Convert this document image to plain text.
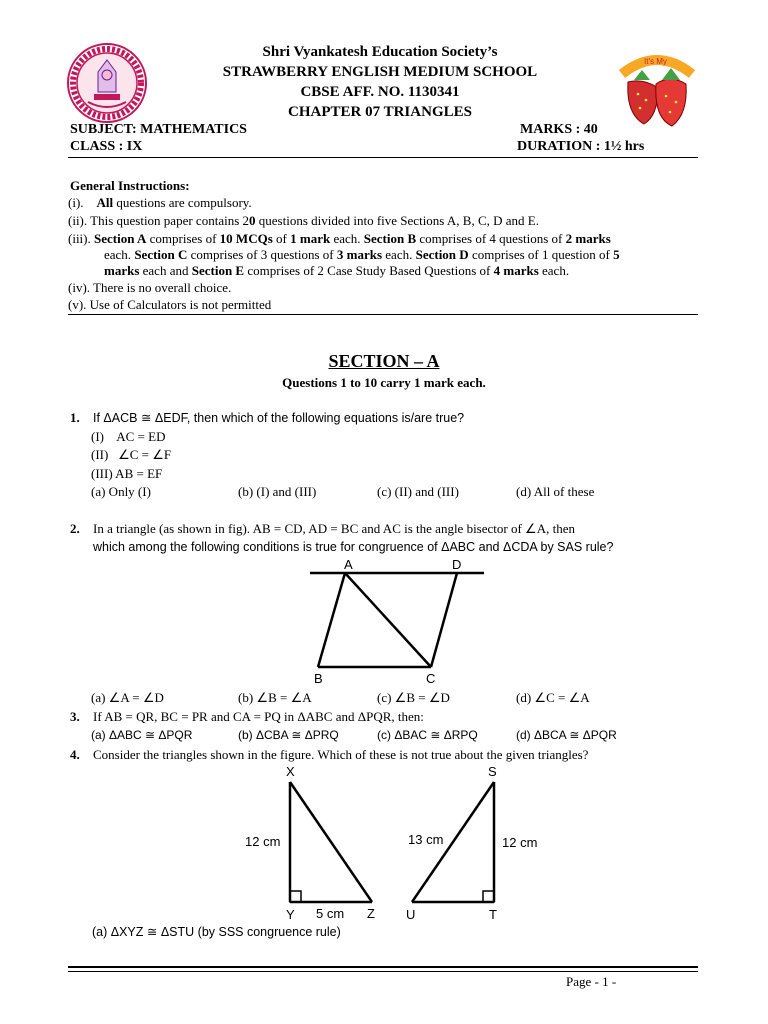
It's My
Shri Vyankatesh Education Society’s
STRAWBERRY ENGLISH MEDIUM SCHOOL
CBSE AFF. NO. 1130341
CHAPTER 07 TRIANGLES
SUBJECT: MATHEMATICS	MARKS : 40
CLASS : IX	DURATION : 1½ hrs
General Instructions:
(i). All questions are compulsory.
(ii). This question paper contains 20 questions divided into five Sections A, B, C, D and E.
(iii). Section A comprises of 10 MCQs of 1 mark each. Section B comprises of 4 questions of 2 marks
each. Section C comprises of 3 questions of 3 marks each. Section D comprises of 1 question of 5
marks each and Section E comprises of 2 Case Study Based Questions of 4 marks each.
(iv). There is no overall choice.
(v). Use of Calculators is not permitted
SECTION – A
Questions 1 to 10 carry 1 mark each.
1. If ΔACB ≅ ΔEDF, then which of the following equations is/are true?
(I)    AC = ED
(II)   ∠C = ∠F
(III) AB = EF
(a) Only (I)	(b) (I) and (III)	(c) (II) and (III)	(d) All of these
2. In a triangle (as shown in fig). AB = CD, AD = BC and AC is the angle bisector of ∠A, then
which among the following conditions is true for congruence of ΔABC and ΔCDA by SAS rule?
A	D
B	C
(a) ∠A = ∠D	(b) ∠B = ∠A	(c) ∠B = ∠D	(d) ∠C = ∠A
3. If AB = QR, BC = PR and CA = PQ in ΔABC and ΔPQR, then:
(a) ΔABC ≅ ΔPQR	(b) ΔCBA ≅ ΔPRQ	(c) ΔBAC ≅ ΔRPQ	(d) ΔBCA ≅ ΔPQR
4. Consider the triangles shown in the figure. Which of these is not true about the given triangles?
X
Y	Z
12 cm
5 cm
S
U	T
13 cm	12 cm
(a) ΔXYZ ≅ ΔSTU (by SSS congruence rule)
Page - 1 -
